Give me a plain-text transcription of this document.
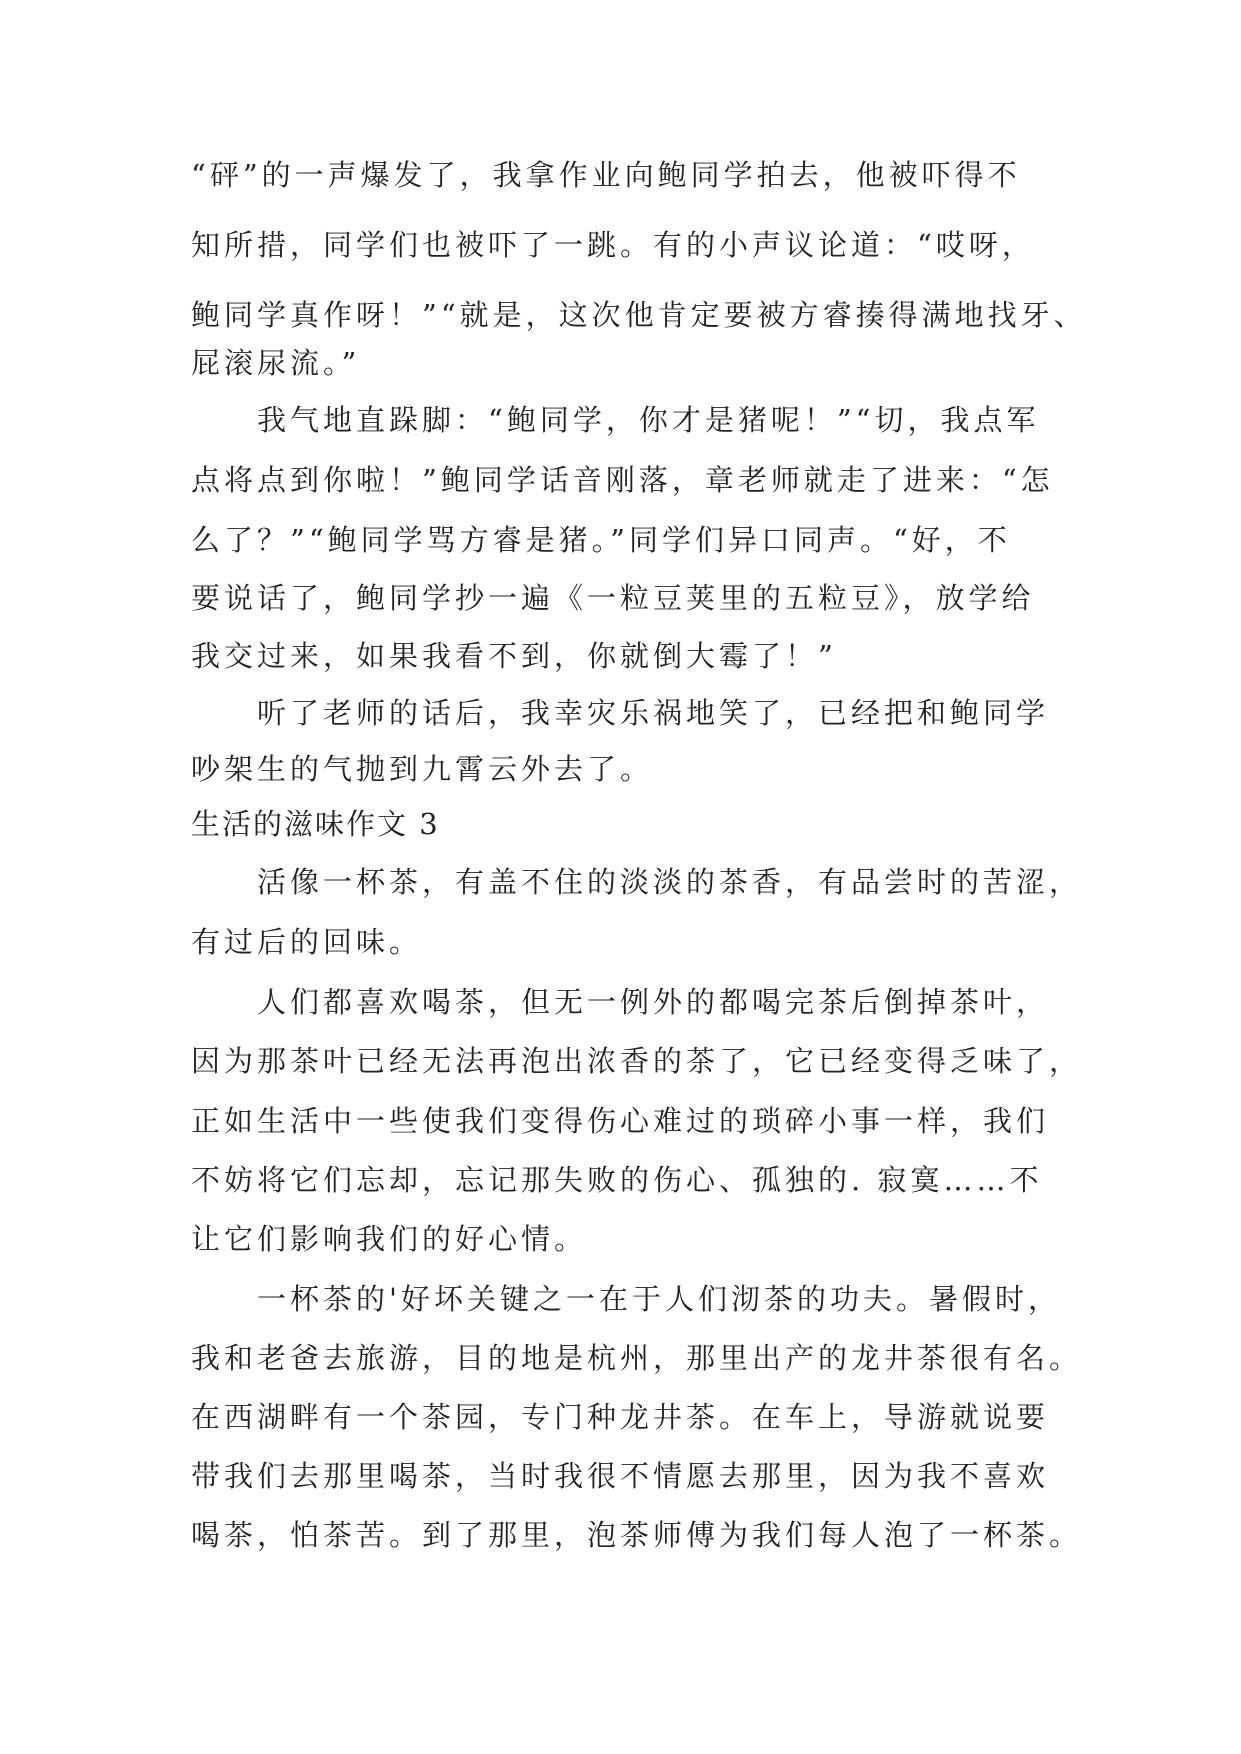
“砰”的一声爆发了，我拿作业向鲍同学拍去，他被吓得不
知所措，同学们也被吓了一跳。有的小声议论道：“哎呀，
鲍同学真作呀！”“就是，这次他肯定要被方睿揍得满地找牙、
屁滚尿流。”
我气地直跺脚：“鲍同学，你才是猪呢！”“切，我点军
点将点到你啦！”鲍同学话音刚落，章老师就走了进来：“怎
么了？”“鲍同学骂方睿是猪。”同学们异口同声。“好，不
要说话了，鲍同学抄一遍《一粒豆荚里的五粒豆》，放学给
我交过来，如果我看不到，你就倒大霉了！”
听了老师的话后，我幸灾乐祸地笑了，已经把和鲍同学
吵架生的气抛到九霄云外去了。
生活的滋味作文 3
活像一杯茶，有盖不住的淡淡的茶香，有品尝时的苦涩，
有过后的回味。
人们都喜欢喝茶，但无一例外的都喝完茶后倒掉茶叶，
因为那茶叶已经无法再泡出浓香的茶了，它已经变得乏味了，
正如生活中一些使我们变得伤心难过的琐碎小事一样，我们
不妨将它们忘却，忘记那失败的伤心、孤独的. 寂寞……不
让它们影响我们的好心情。
一杯茶的'好坏关键之一在于人们沏茶的功夫。暑假时，
我和老爸去旅游，目的地是杭州，那里出产的龙井茶很有名。
在西湖畔有一个茶园，专门种龙井茶。在车上，导游就说要
带我们去那里喝茶，当时我很不情愿去那里，因为我不喜欢
喝茶，怕茶苦。到了那里，泡茶师傅为我们每人泡了一杯茶。
